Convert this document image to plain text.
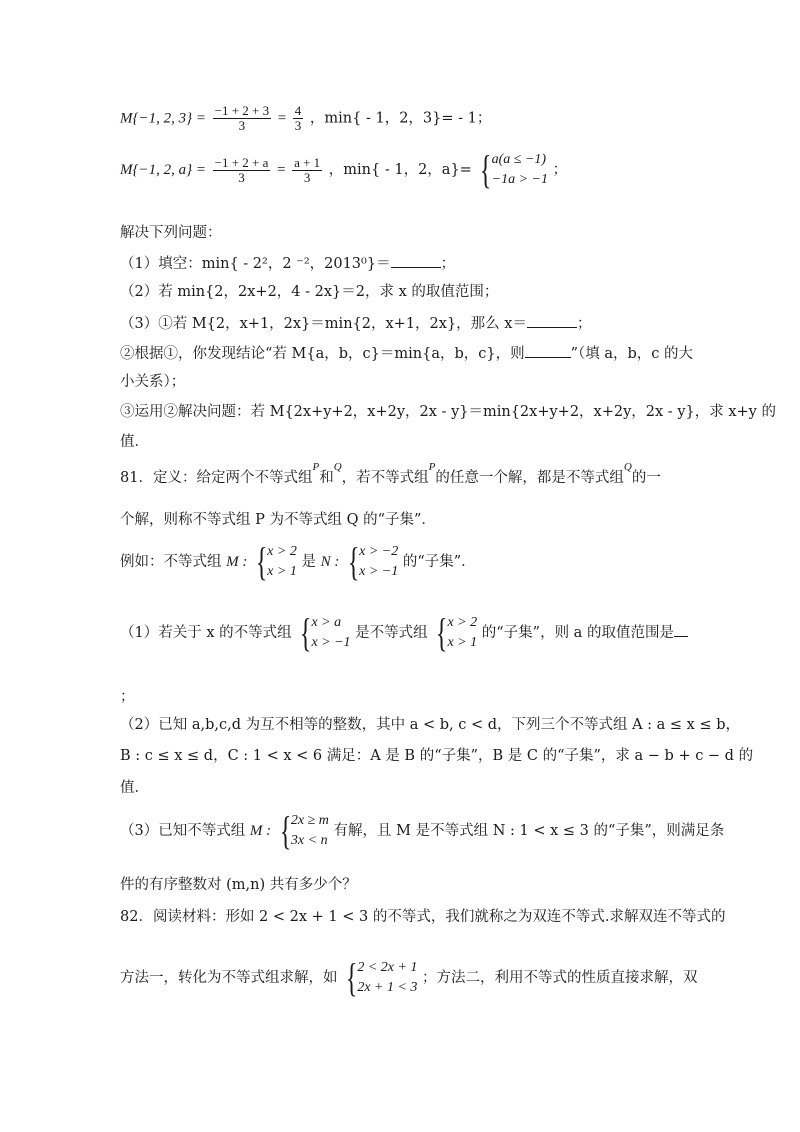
M{−1, 2, $3\} = \frac{-1 + 2 + 3}{3} = \frac{4}{3}$ ，min{ - 1，2，3}= - 1；
M{−1, 2, $a\} = \frac{-1 + 2 + a}{3} = \frac{a + 1}{3}$ ，min{ - 1，2，a}= { a(a ≤ −1)
−1a > −1
；
解决下列问题：
（1）填空：min{ - 2²，2 ⁻²，2013⁰}＝	；
（2）若 min{2，2x+2，4 - 2x}＝2，求 x 的取值范围；
（3）①若 M{2，x+1，2x}＝min{2，x+1，2x}，那么 x＝	；
②根据①，你发现结论“若 M{a，b，c}＝min{a，b，c}，则	”（填 a，b，c 的大
小关系）；
③运用②解决问题：若 M{2x+y+2，x+2y，2x - y}＝min{2x+y+2，x+2y，2x - y}，求 x+y 的
值．
81．定义：给定两个不等式组$^P$和$^Q$，若不等式组$^P$的任意一个解，都是不等式组$^Q$的一
个解，则称不等式组 P 为不等式组 Q 的“子集”．
例如：不等式组 M : { x > 2
x > 1
是 N : { x > −2
x > −1
的“子集”．
（1）若关于 x 的不等式组 { x > a
x > −1
是不等式组 { x > 2
x > 1
的“子集”，则 a 的取值范围是
；
（2）已知 a,b,c,d 为互不相等的整数，其中 a < b, c < d，下列三个不等式组 A : a ≤ x ≤ b，
B : c ≤ x ≤ d，C : 1 < x < 6 满足：A 是 B 的“子集”，B 是 C 的“子集”，求 a − b + c − d 的
值．
（3）已知不等式组 M : { 2x ≥ m
3x < n
有解，且 M 是不等式组 N : 1 < x ≤ 3 的“子集”，则满足条
件的有序整数对 (m,n) 共有多少个？
82．阅读材料：形如 2 < 2x + 1 < 3 的不等式，我们就称之为双连不等式.求解双连不等式的
方法一，转化为不等式组求解，如 { 2 < 2x + 1
2x + 1 < 3
；方法二，利用不等式的性质直接求解，双
